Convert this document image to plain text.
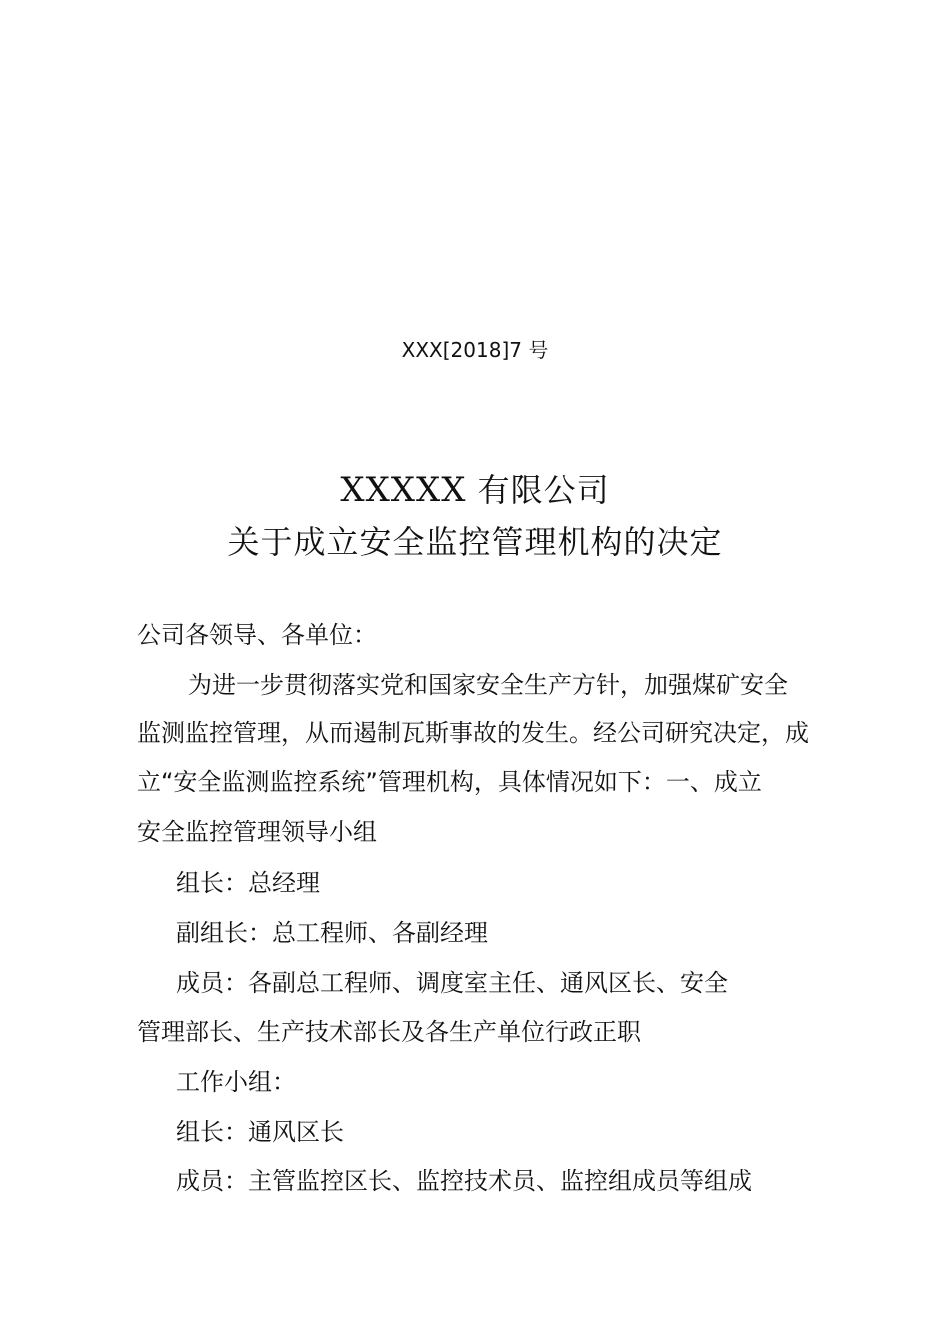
XXX[2018]7 号
XXXXX 有限公司
关于成立安全监控管理机构的决定
公司各领导、各单位：
为进一步贯彻落实党和国家安全生产方针，加强煤矿安全
监测监控管理，从而遏制瓦斯事故的发生。经公司研究决定，成
立“安全监测监控系统”管理机构，具体情况如下：一、成立
安全监控管理领导小组
组长：总经理
副组长：总工程师、各副经理
成员：各副总工程师、调度室主任、通风区长、安全
管理部长、生产技术部长及各生产单位行政正职
工作小组：
组长：通风区长
成员：主管监控区长、监控技术员、监控组成员等组成
